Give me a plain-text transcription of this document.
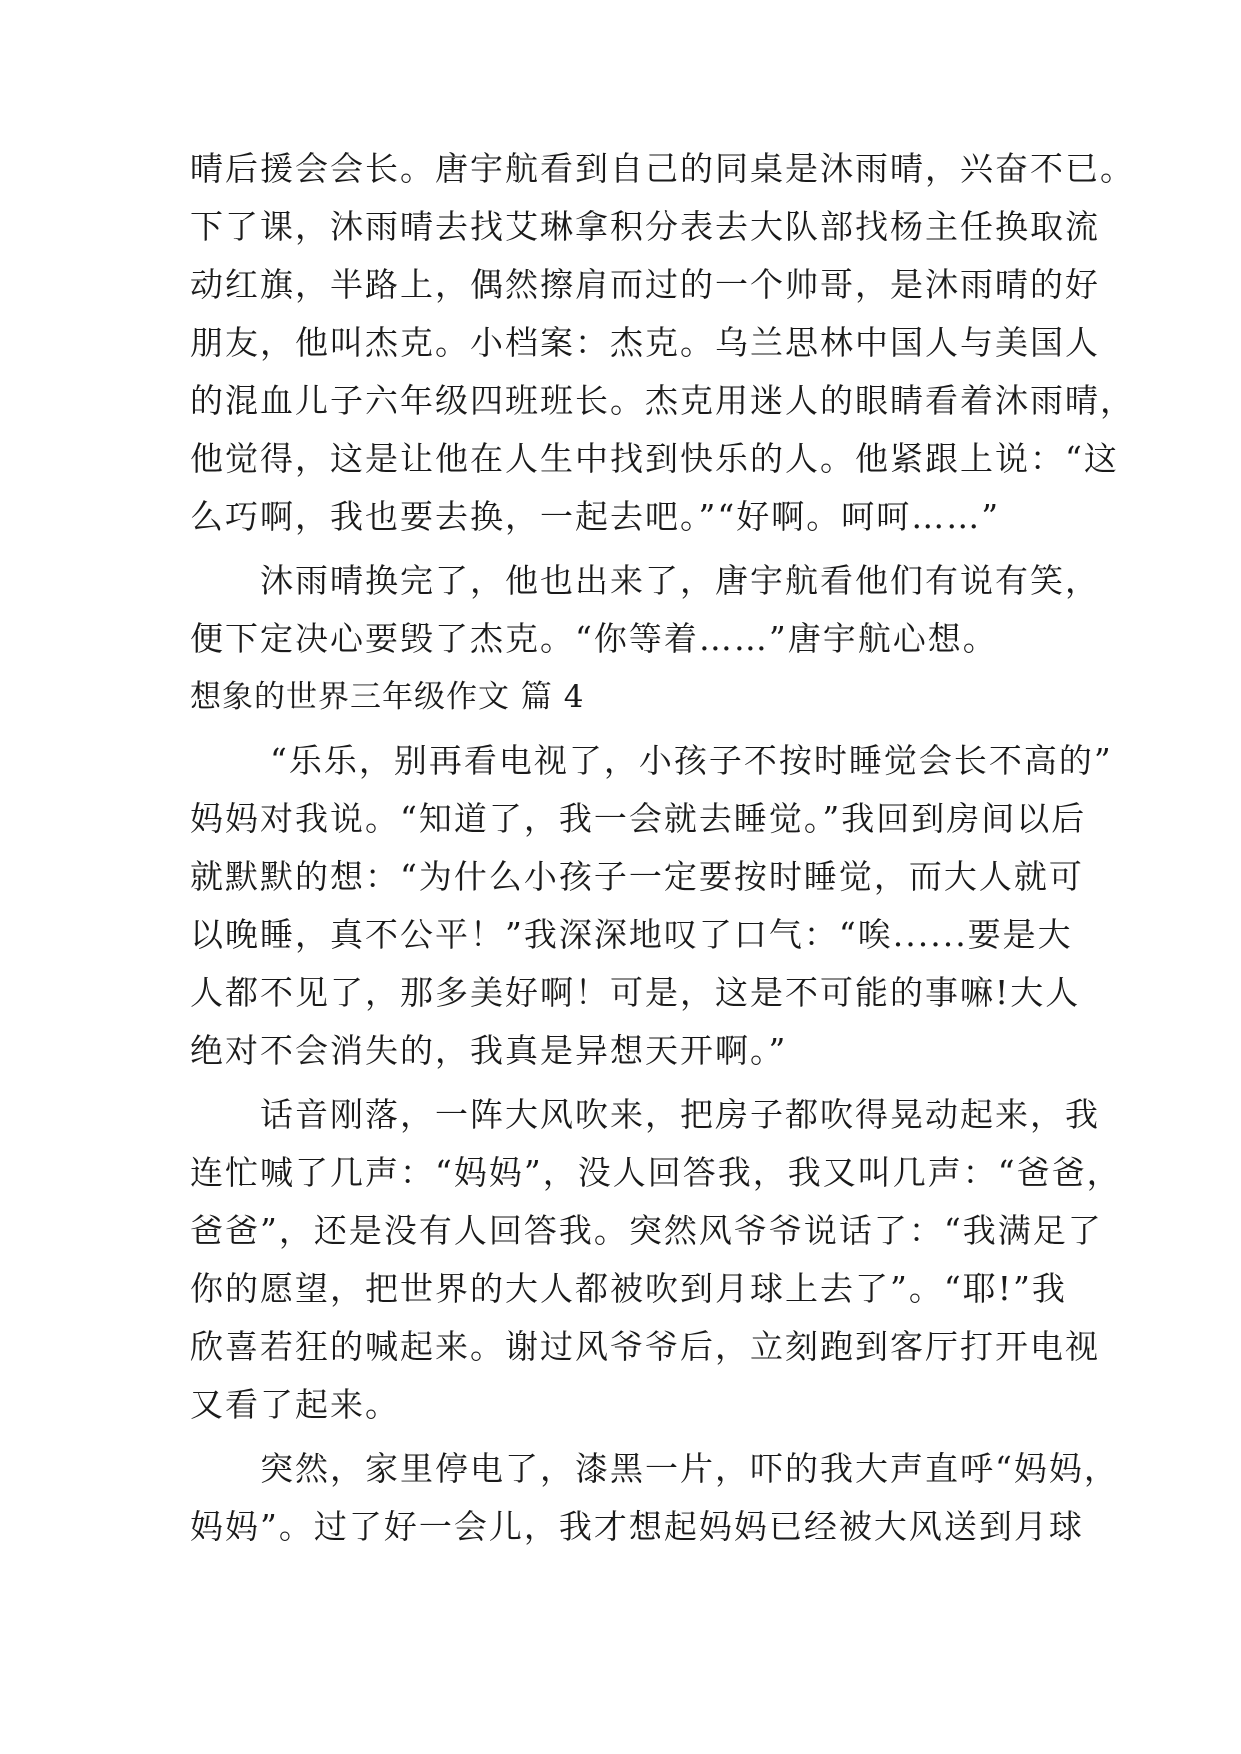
晴后援会会长。唐宇航看到自己的同桌是沐雨晴，兴奋不已。
下了课，沐雨晴去找艾琳拿积分表去大队部找杨主任换取流
动红旗，半路上，偶然擦肩而过的一个帅哥，是沐雨晴的好
朋友，他叫杰克。小档案：杰克。乌兰思林中国人与美国人
的混血儿子六年级四班班长。杰克用迷人的眼睛看着沐雨晴，
他觉得，这是让他在人生中找到快乐的人。他紧跟上说：“这
么巧啊，我也要去换，一起去吧。”“好啊。呵呵……”
沐雨晴换完了，他也出来了，唐宇航看他们有说有笑，
便下定决心要毁了杰克。“你等着……”唐宇航心想。
想象的世界三年级作文 篇 4
“乐乐，别再看电视了，小孩子不按时睡觉会长不高的”
妈妈对我说。“知道了，我一会就去睡觉。”我回到房间以后
就默默的想：“为什么小孩子一定要按时睡觉，而大人就可
以晚睡，真不公平！”我深深地叹了口气：“唉......要是大
人都不见了，那多美好啊！可是，这是不可能的事嘛!大人
绝对不会消失的，我真是异想天开啊。”
话音刚落，一阵大风吹来，把房子都吹得晃动起来，我
连忙喊了几声：“妈妈”，没人回答我，我又叫几声：“爸爸，
爸爸”，还是没有人回答我。突然风爷爷说话了：“我满足了
你的愿望，把世界的大人都被吹到月球上去了”。“耶!”我
欣喜若狂的喊起来。谢过风爷爷后，立刻跑到客厅打开电视
又看了起来。
突然，家里停电了，漆黑一片，吓的我大声直呼“妈妈，
妈妈”。过了好一会儿，我才想起妈妈已经被大风送到月球
